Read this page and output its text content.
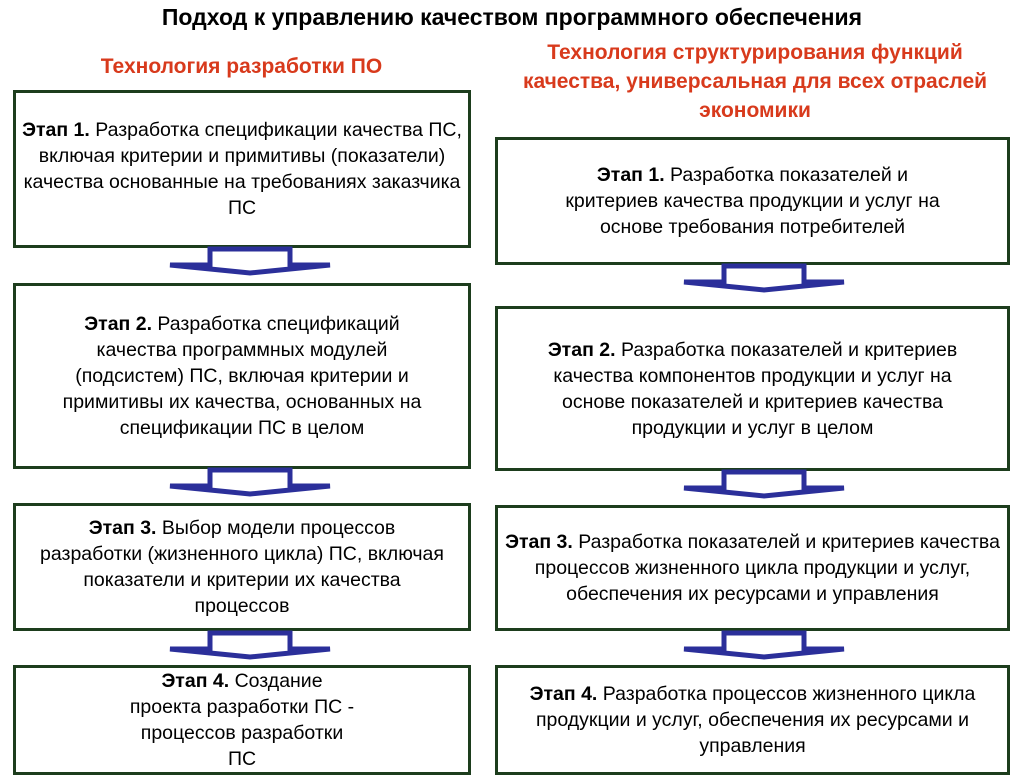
Подход к управлению качеством программного обеспечения
Технология разработки ПО
Технология структурирования функций качества, универсальная для всех отраслей экономики
Этап 1. Разработка спецификации качества ПС, включая критерии и примитивы (показатели) качества основанные на требованиях заказчика ПС
Этап 2. Разработка спецификаций качества программных модулей (подсистем) ПС, включая критерии и примитивы их качества, основанных на спецификации ПС в целом
Этап 3. Выбор модели процессов разработки (жизненного цикла) ПС, включая показатели и критерии их качества процессов
Этап 4. Создание проекта разработки ПС - процессов разработки ПС
Этап 1. Разработка показателей и критериев качества продукции и услуг на основе требования потребителей
Этап 2. Разработка показателей и критериев качества компонентов продукции и услуг на основе показателей и критериев качества продукции и услуг в целом
Этап 3. Разработка показателей и критериев качества процессов жизненного цикла продукции и услуг, обеспечения их ресурсами и управления
Этап 4. Разработка процессов жизненного цикла продукции и услуг, обеспечения их ресурсами и управления
